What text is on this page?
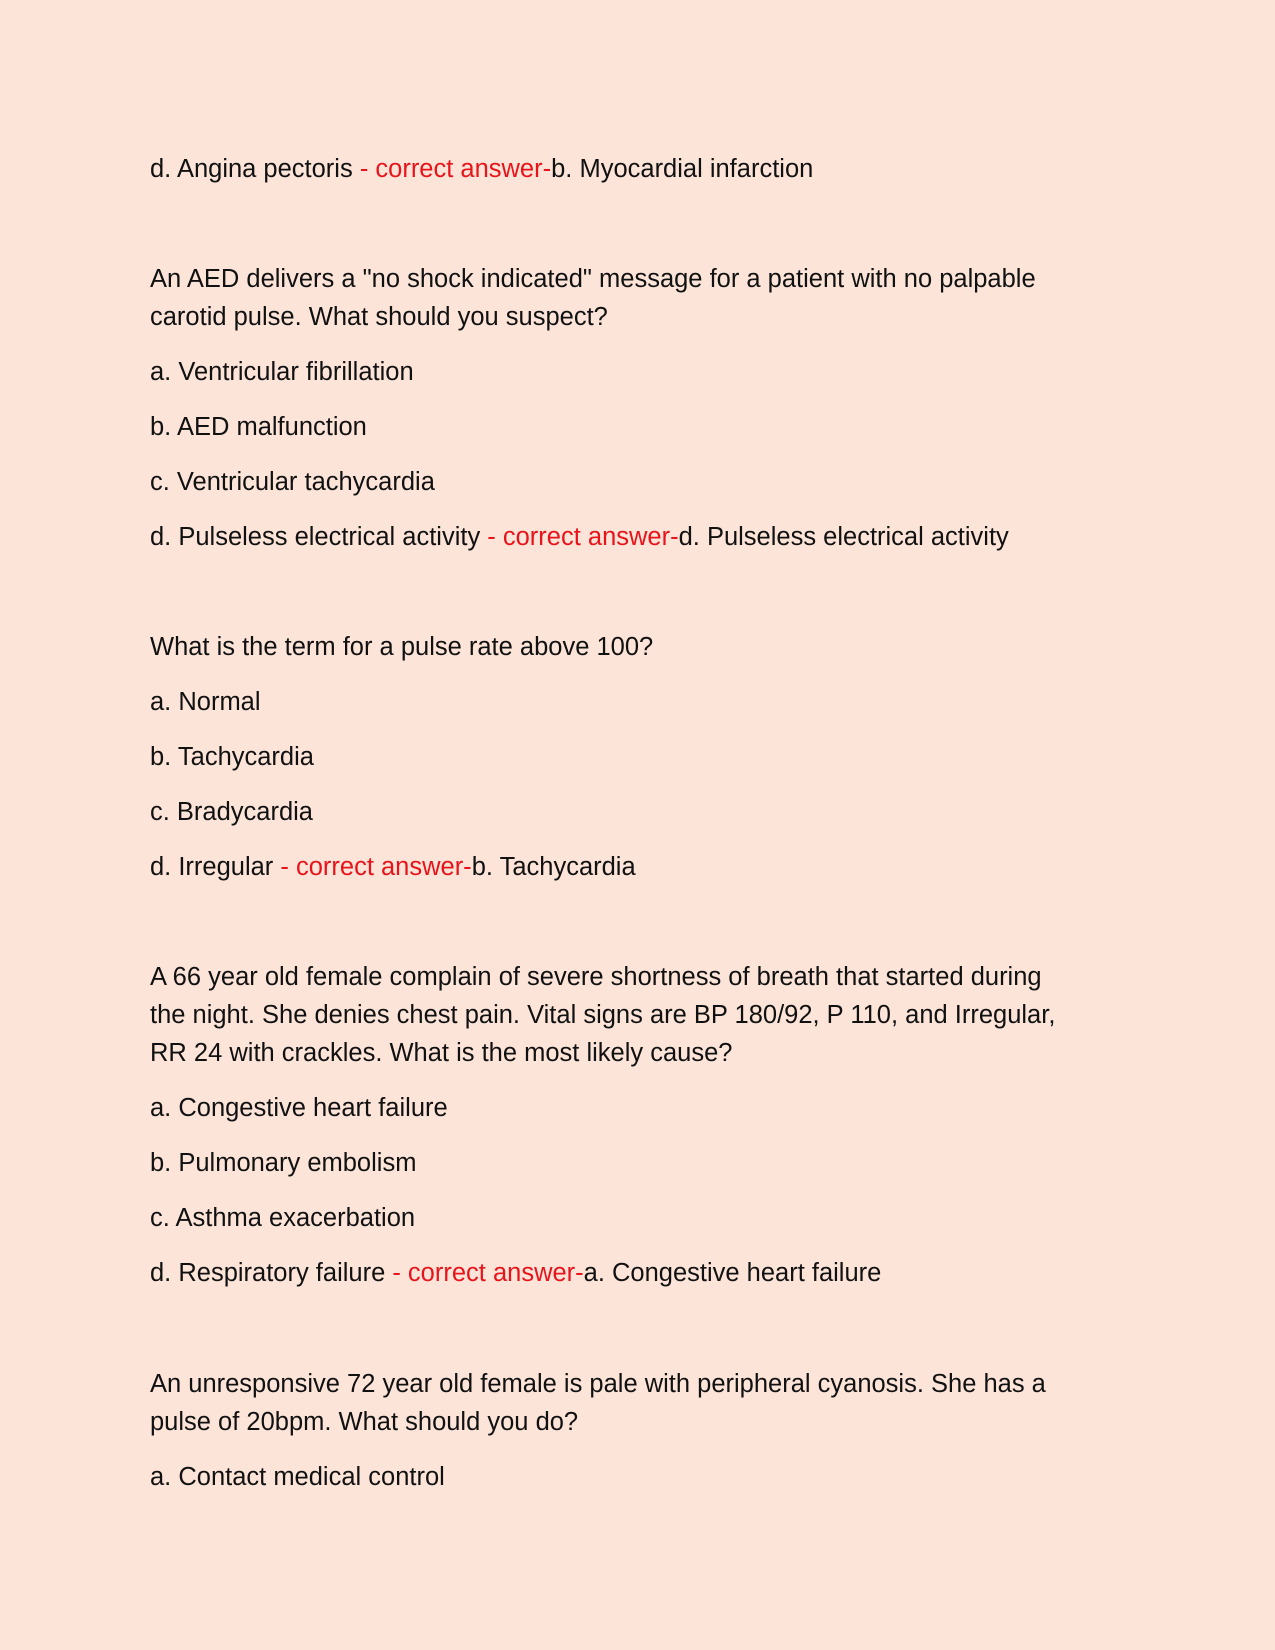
d. Angina pectoris - correct answer-b. Myocardial infarction

An AED delivers a "no shock indicated" message for a patient with no palpable

carotid pulse. What should you suspect?

a. Ventricular fibrillation

b. AED malfunction

c. Ventricular tachycardia

d. Pulseless electrical activity - correct answer-d. Pulseless electrical activity

What is the term for a pulse rate above 100?

a. Normal

b. Tachycardia

c. Bradycardia

d. Irregular - correct answer-b. Tachycardia

A 66 year old female complain of severe shortness of breath that started during

the night. She denies chest pain. Vital signs are BP 180/92, P 110, and Irregular,

RR 24 with crackles. What is the most likely cause?

a. Congestive heart failure

b. Pulmonary embolism

c. Asthma exacerbation

d. Respiratory failure - correct answer-a. Congestive heart failure

An unresponsive 72 year old female is pale with peripheral cyanosis. She has a

pulse of 20bpm. What should you do?

a. Contact medical control
